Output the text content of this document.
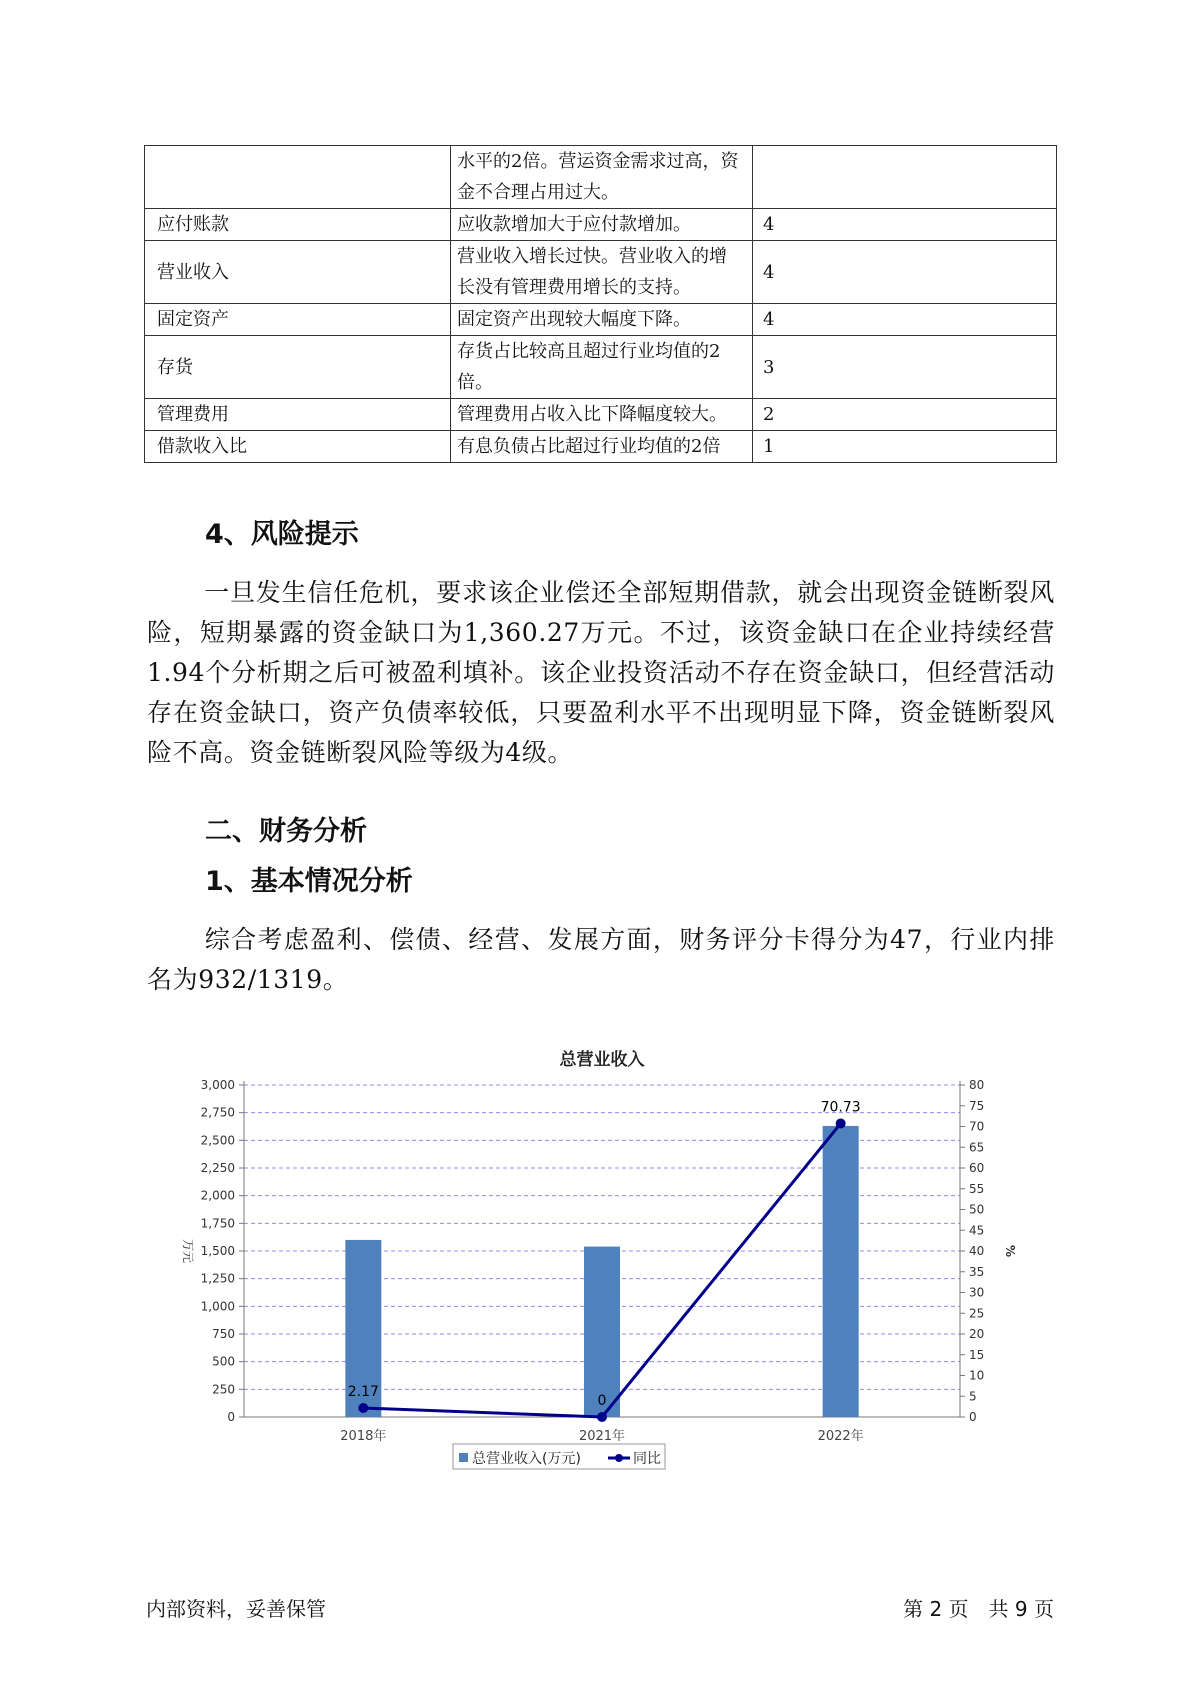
	水平的2倍。营运资金需求过高，资金不合理占用过大。	
应付账款	应收款增加大于应付款增加。	4
营业收入	营业收入增长过快。营业收入的增长没有管理费用增长的支持。	4
固定资产	固定资产出现较大幅度下降。	4
存货	存货占比较高且超过行业均值的2倍。	3
管理费用	管理费用占收入比下降幅度较大。	2
借款收入比	有息负债占比超过行业均值的2倍	1
4、风险提示
一旦发生信任危机，要求该企业偿还全部短期借款，就会出现资金链断裂风险，短期暴露的资金缺口为1,360.27万元。不过，该资金缺口在企业持续经营 1.94个分析期之后可被盈利填补。该企业投资活动不存在资金缺口，但经营活动存在资金缺口，资产负债率较低，只要盈利水平不出现明显下降，资金链断裂风险不高。资金链断裂风险等级为4级。
二、财务分析
1、基本情况分析
综合考虑盈利、偿债、经营、发展方面，财务评分卡得分为47，行业内排名为932/1319。
总营业收入
0
250
500
750
1,000
1,250
1,500
1,750
2,000
2,250
2,500
2,750
3,000
0
5
10
15
20
25
30
35
40
45
50
55
60
65
70
75
80
万元	%
2018年	2021年	2022年
2.17
0
70.73
总营业收入(万元)	同比
内部资料，妥善保管	第 2 页　共 9 页
